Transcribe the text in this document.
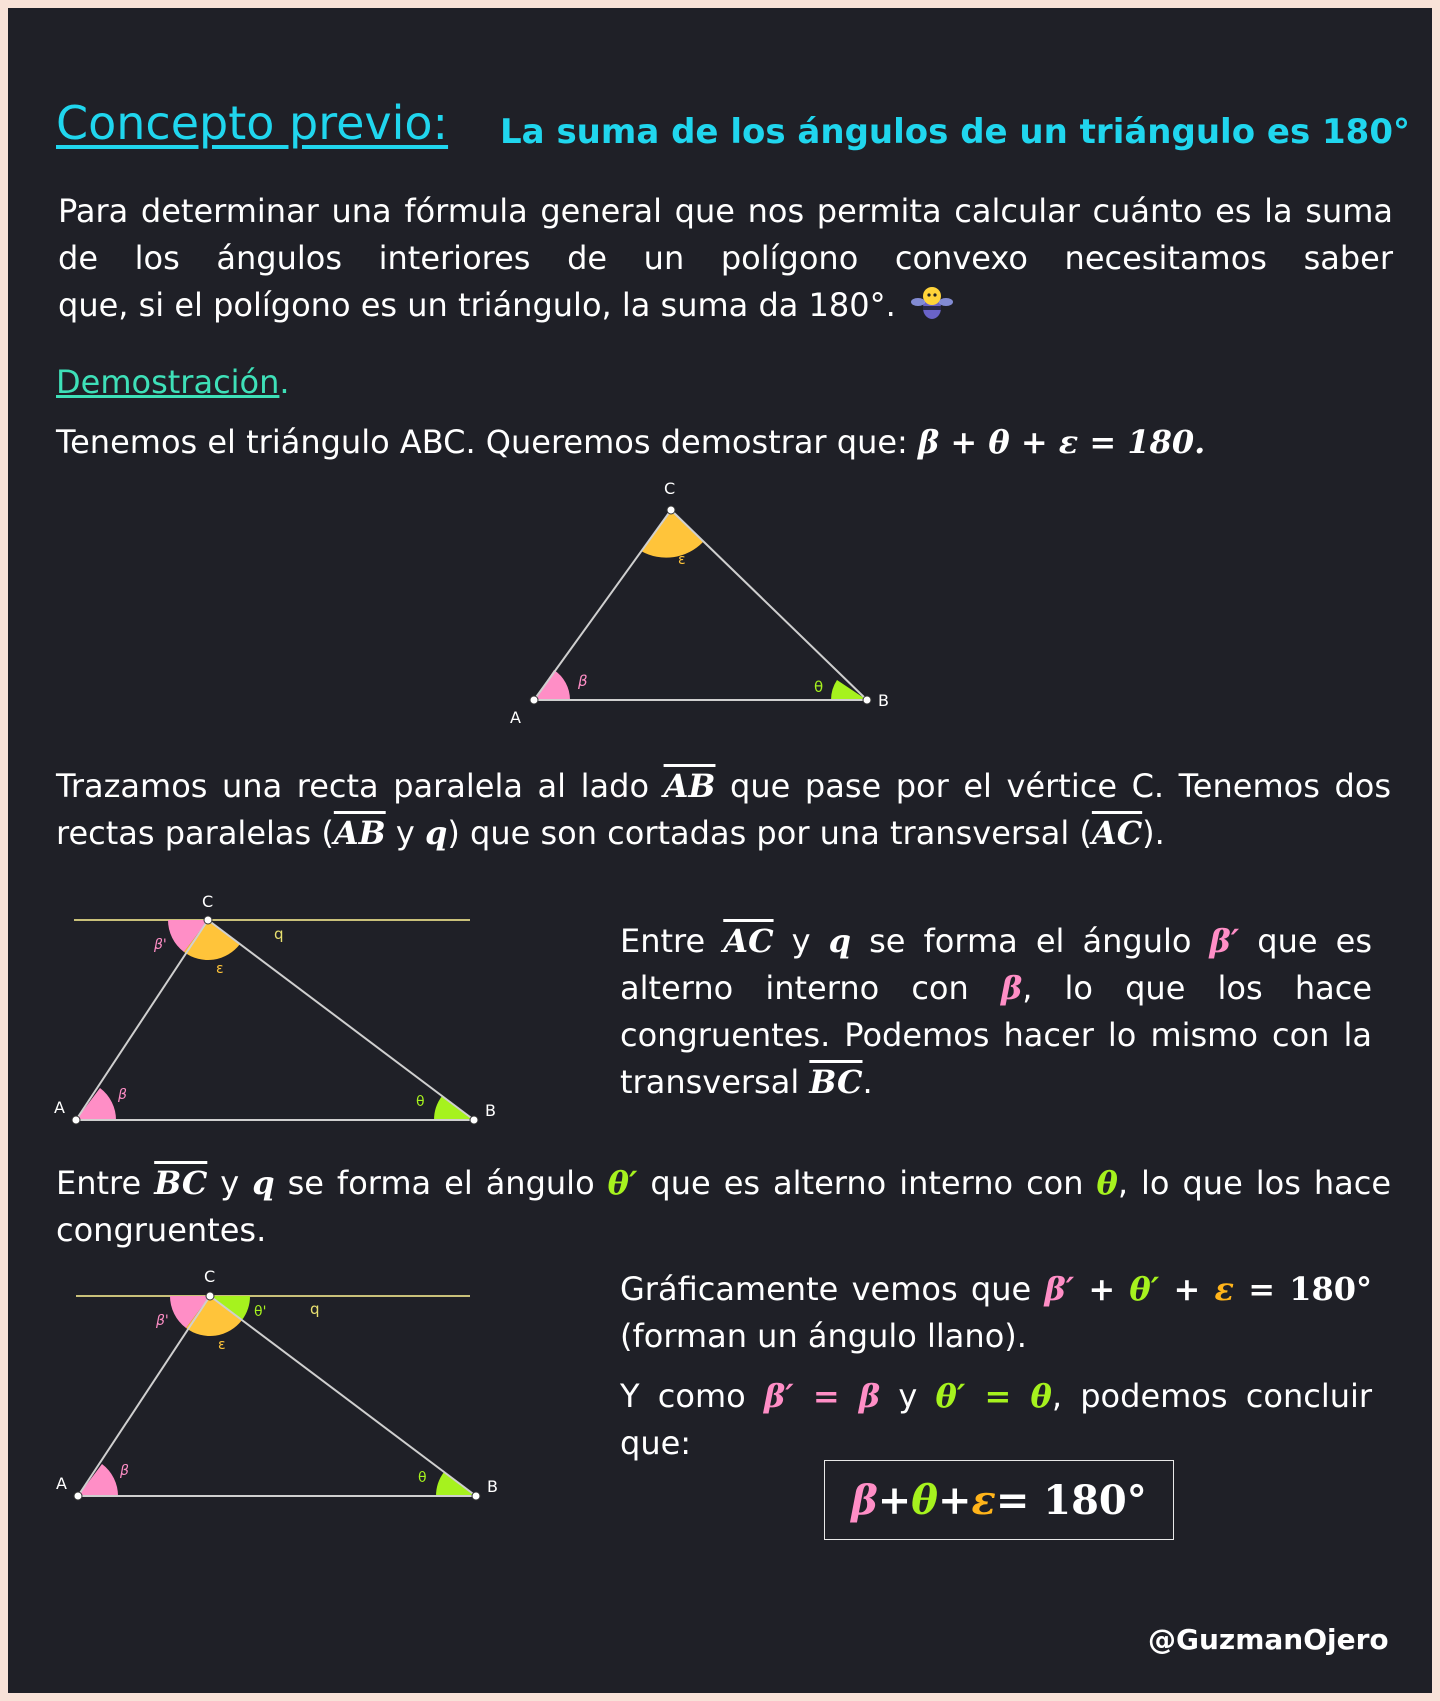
Concepto previo: La suma de los ángulos de un triángulo es 180°
Para determinar una fórmula general que nos permita calcular cuánto es la suma de los ángulos interiores de un polígono convexo necesitamos saber
que, si el polígono es un triángulo, la suma da 180°.
Demostración.
Tenemos el triángulo ABC. Queremos demostrar que: β + θ + ε = 180.
A
B
C
β	θ
ε
Trazamos una recta paralela al lado $\overline{AB}$ que pase por el vértice C. Tenemos dos rectas paralelas ($\overline{AB}$ y q) que son cortadas por una transversal $(\overline{AC})$.
A	B
C
q
β'
ε
β	θ
Entre $\overline{AC}$ y q se forma el ángulo β′ que es alterno interno con β, lo que los hace congruentes. Podemos hacer lo mismo con la transversal $\overline{BC}$.
Entre $\overline{BC}$ y q se forma el ángulo θ′ que es alterno interno con θ, lo que los hace congruentes.
A	B
C
q
θ'
β'
ε
β	θ
Gráficamente vemos que β′ + θ′ + ε = 180° (forman un ángulo llano).
Y como β′ = β y θ′ = θ, podemos concluir que:
β + θ + ε = 180°
@GuzmanOjero
